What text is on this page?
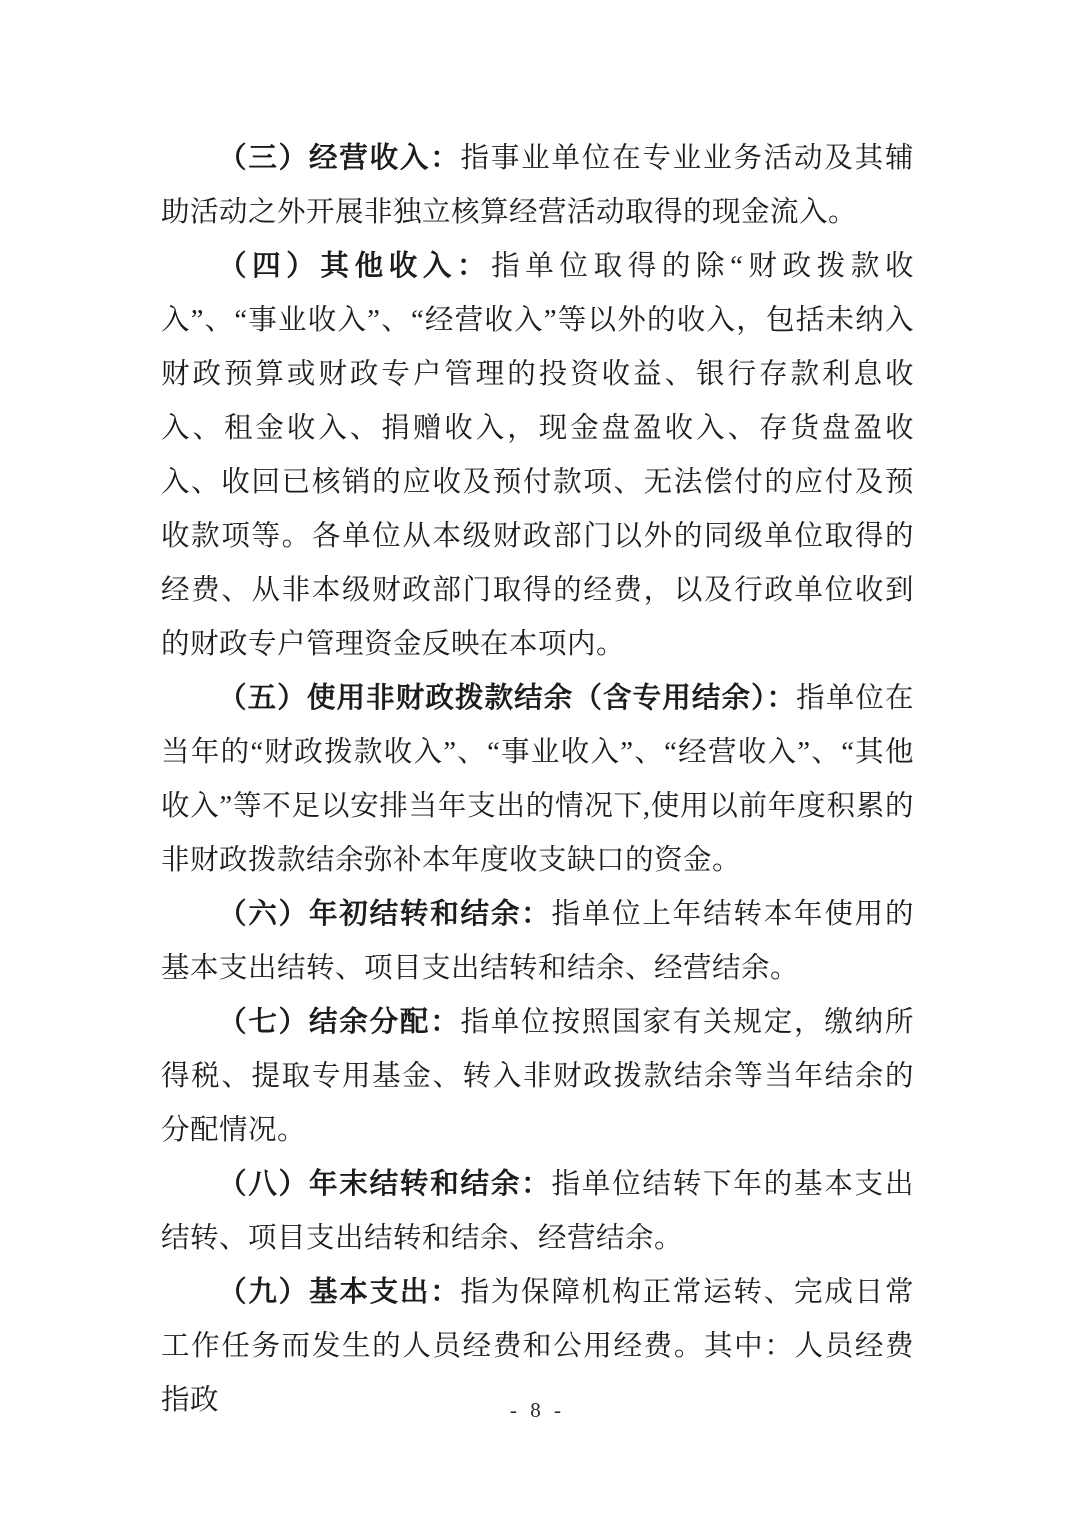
（三）经营收入：指事业单位在专业业务活动及其辅助活动之外开展非独立核算经营活动取得的现金流入。

（四）其他收入：指单位取得的除“财政拨款收入”、“事业收入”、“经营收入”等以外的收入，包括未纳入财政预算或财政专户管理的投资收益、银行存款利息收入、租金收入、捐赠收入，现金盘盈收入、存货盘盈收入、收回已核销的应收及预付款项、无法偿付的应付及预收款项等。各单位从本级财政部门以外的同级单位取得的经费、从非本级财政部门取得的经费，以及行政单位收到的财政专户管理资金反映在本项内。

（五）使用非财政拨款结余（含专用结余）：指单位在当年的“财政拨款收入”、“事业收入”、“经营收入”、“其他收入”等不足以安排当年支出的情况下,使用以前年度积累的非财政拨款结余弥补本年度收支缺口的资金。

（六）年初结转和结余：指单位上年结转本年使用的基本支出结转、项目支出结转和结余、经营结余。

（七）结余分配：指单位按照国家有关规定，缴纳所得税、提取专用基金、转入非财政拨款结余等当年结余的分配情况。

（八）年末结转和结余：指单位结转下年的基本支出结转、项目支出结转和结余、经营结余。

（九）基本支出：指为保障机构正常运转、完成日常工作任务而发生的人员经费和公用经费。其中：人员经费指政	- 8 -
